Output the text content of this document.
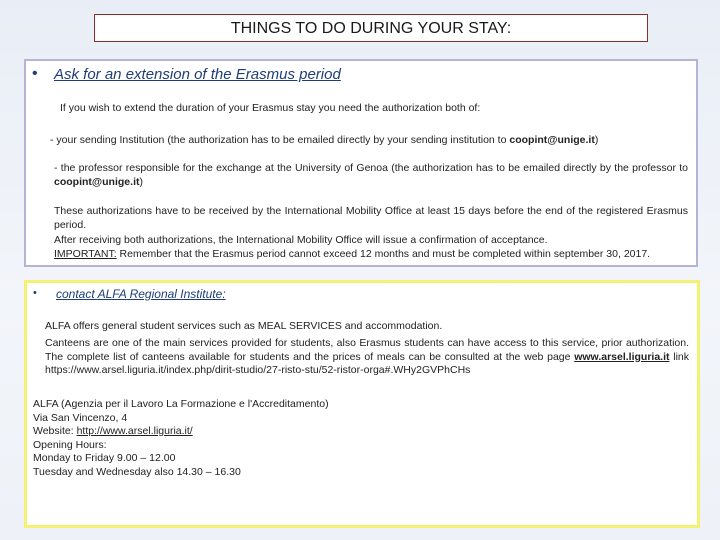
THINGS TO DO DURING YOUR STAY:
• Ask for an extension of the Erasmus period
If you wish to extend the duration of your Erasmus stay you need the authorization both of:
- your sending Institution (the authorization has to be emailed directly by your sending institution to coopint@unige.it)
- the professor responsible for the exchange at the University of Genoa (the authorization has to be emailed directly by the professor to coopint@unige.it)
These authorizations have to be received by the International Mobility Office at least 15 days before the end of the registered Erasmus period.
After receiving both authorizations, the International Mobility Office will issue a confirmation of acceptance.
IMPORTANT: Remember that the Erasmus period cannot exceed 12 months and must be completed within september 30, 2017.
• contact ALFA Regional Institute:
ALFA offers general student services such as MEAL SERVICES and accommodation.
Canteens are one of the main services provided for students, also Erasmus students can have access to this service, prior authorization. The complete list of canteens available for students and the prices of meals can be consulted at the web page www.arsel.liguria.it link https://www.arsel.liguria.it/index.php/dirit-studio/27-risto-stu/52-ristor-orga#.WHy2GVPhCHs
ALFA (Agenzia per il Lavoro La Formazione e l'Accreditamento)
Via San Vincenzo, 4
Website: http://www.arsel.liguria.it/
Opening Hours:
Monday to Friday 9.00 – 12.00
Tuesday and Wednesday also 14.30 – 16.30
